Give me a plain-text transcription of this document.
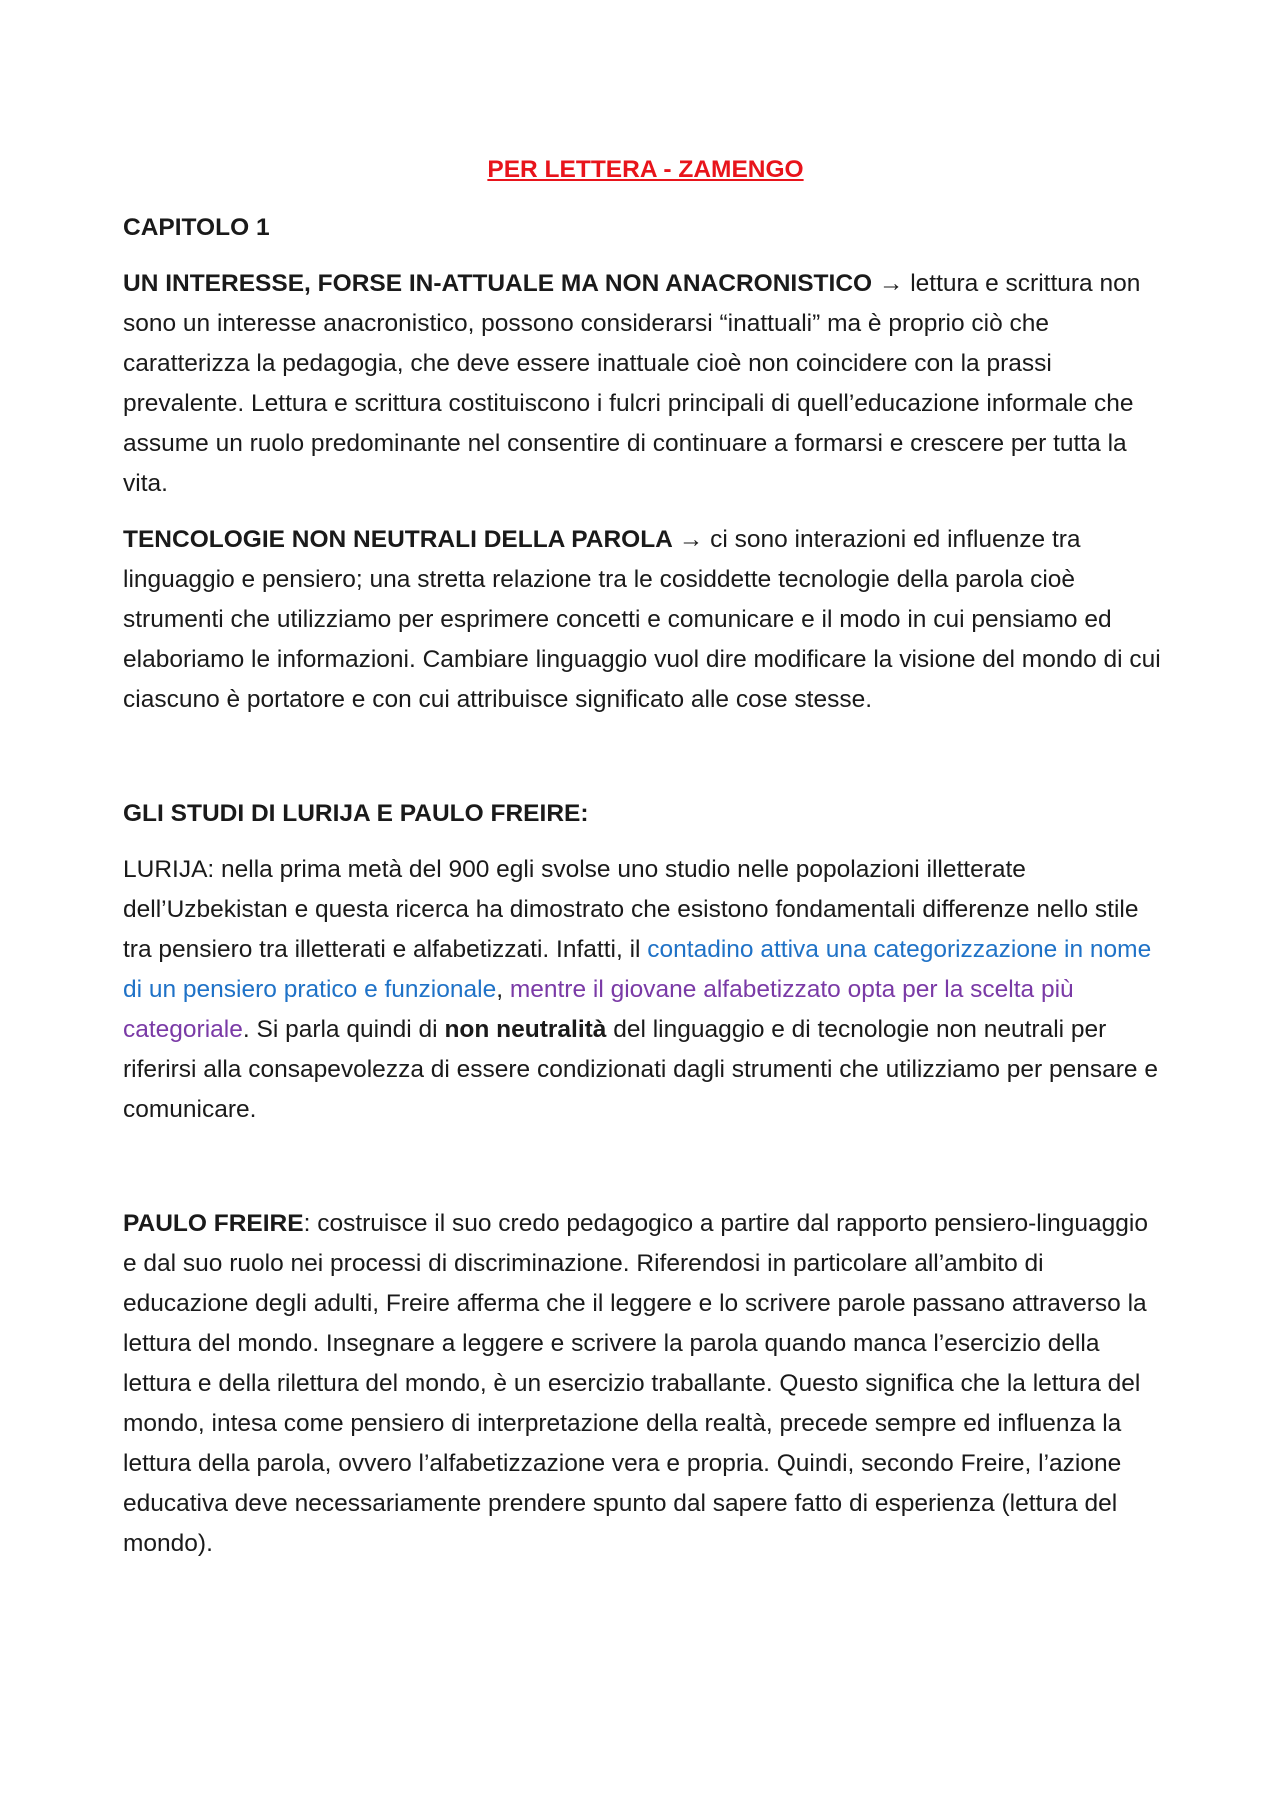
PER LETTERA - ZAMENGO
CAPITOLO 1

UN INTERESSE, FORSE IN-ATTUALE MA NON ANACRONISTICO → lettura e scrittura non sono un interesse anacronistico, possono considerarsi “inattuali” ma è proprio ciò che caratterizza la pedagogia, che deve essere inattuale cioè non coincidere con la prassi prevalente. Lettura e scrittura costituiscono i fulcri principali di quell’educazione informale che assume un ruolo predominante nel consentire di continuare a formarsi e crescere per tutta la vita.

TENCOLOGIE NON NEUTRALI DELLA PAROLA → ci sono interazioni ed influenze tra linguaggio e pensiero; una stretta relazione tra le cosiddette tecnologie della parola cioè strumenti che utilizziamo per esprimere concetti e comunicare e il modo in cui pensiamo ed elaboriamo le informazioni. Cambiare linguaggio vuol dire modificare la visione del mondo di cui ciascuno è portatore e con cui attribuisce significato alle cose stesse.

GLI STUDI DI LURIJA E PAULO FREIRE:

LURIJA: nella prima metà del 900 egli svolse uno studio nelle popolazioni illetterate dell’Uzbekistan e questa ricerca ha dimostrato che esistono fondamentali differenze nello stile tra pensiero tra illetterati e alfabetizzati. Infatti, il contadino attiva una categorizzazione in nome di un pensiero pratico e funzionale, mentre il giovane alfabetizzato opta per la scelta più categoriale. Si parla quindi di non neutralità del linguaggio e di tecnologie non neutrali per riferirsi alla consapevolezza di essere condizionati dagli strumenti che utilizziamo per pensare e comunicare.

PAULO FREIRE: costruisce il suo credo pedagogico a partire dal rapporto pensiero-linguaggio e dal suo ruolo nei processi di discriminazione. Riferendosi in particolare all’ambito di educazione degli adulti, Freire afferma che il leggere e lo scrivere parole passano attraverso la lettura del mondo. Insegnare a leggere e scrivere la parola quando manca l’esercizio della lettura e della rilettura del mondo, è un esercizio traballante. Questo significa che la lettura del mondo, intesa come pensiero di interpretazione della realtà, precede sempre ed influenza la lettura della parola, ovvero l’alfabetizzazione vera e propria. Quindi, secondo Freire, l’azione educativa deve necessariamente prendere spunto dal sapere fatto di esperienza (lettura del mondo).
